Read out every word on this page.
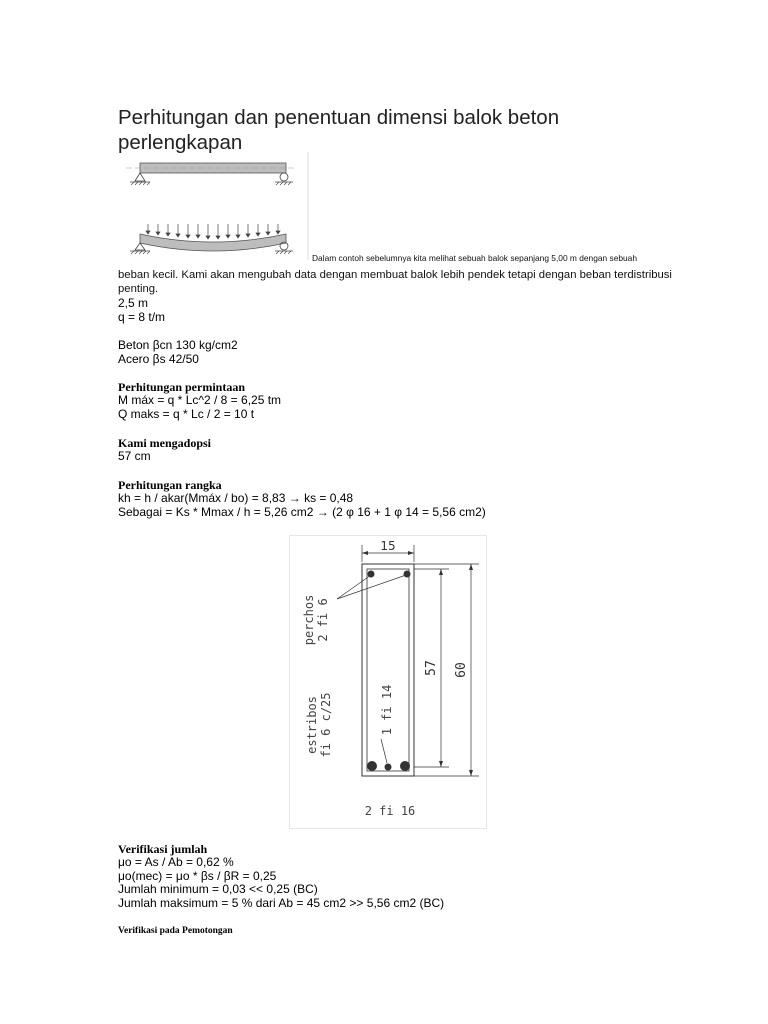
Perhitungan dan penentuan dimensi balok beton perlengkapan
Dalam contoh sebelumnya kita melihat sebuah balok sepanjang 5,00 m dengan sebuah
beban kecil. Kami akan mengubah data dengan membuat balok lebih pendek tetapi dengan beban terdistribusi penting.
2,5 m
q = 8 t/m
Beton βcn 130 kg/cm2
Acero βs 42/50
Perhitungan permintaan
M máx = q * Lc^2 / 8 = 6,25 tm
Q maks = q * Lc / 2 = 10 t
Kami mengadopsi
57 cm
Perhitungan rangka
kh = h / akar(Mmáx / bo) = 8,83 → ks = 0,48
Sebagai = Ks * Mmax / h = 5,26 cm2 → (2 φ 16 + 1 φ 14 = 5,56 cm2)
15
57 60
perchos 2 fi 6
estribos fi 6 c/25	1 fi 14
2 fi 16
Verifikasi jumlah
μo = As / Ab = 0,62 %
μo(mec) = μo * βs / βR = 0,25
Jumlah minimum = 0,03 << 0,25 (BC)
Jumlah maksimum = 5 % dari Ab = 45 cm2 >> 5,56 cm2 (BC)
Verifikasi pada Pemotongan
